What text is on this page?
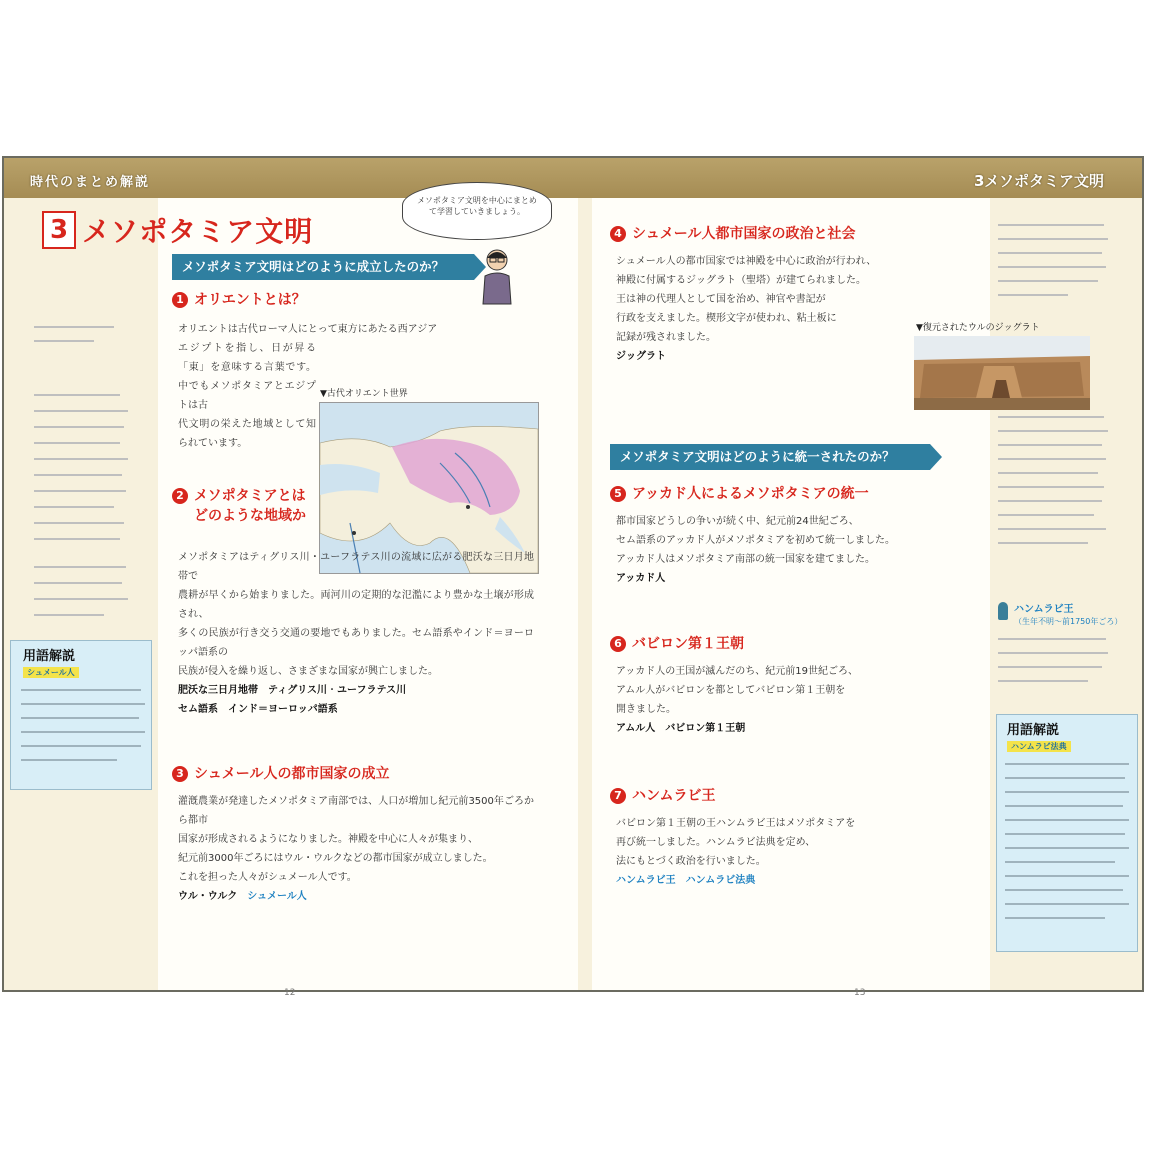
時代のまとめ解説	3メソポタミア文明
用語解説
シュメール人
12	13
ハンムラビ王
（生年不明〜前1750年ごろ）
用語解説
ハンムラビ法典
3 メソポタミア文明
メソポタミア文明を中心にまとめて学習していきましょう。
メソポタミア文明はどのように成立したのか？
1 オリエントとは？
オリエントは古代ローマ人にとって東方にあたる西アジア
エジプトを指し、日が昇る「東」を意味する言葉です。中でもメソポタミアとエジプトは古
代文明の栄えた地域として知られています。
▼古代オリエント世界
2 メソポタミアとはどのような地域か
メソポタミアはティグリス川・ユーフラテス川の流域に広がる肥沃な三日月地帯で
農耕が早くから始まりました。両河川の定期的な氾濫により豊かな土壌が形成され、
多くの民族が行き交う交通の要地でもありました。セム語系やインド＝ヨーロッパ語系の
民族が侵入を繰り返し、さまざまな国家が興亡しました。
肥沃な三日月地帯　 ティグリス川・ユーフラテス川
セム語系　 インド＝ヨーロッパ語系
3 シュメール人の都市国家の成立
灌漑農業が発達したメソポタミア南部では、人口が増加し紀元前3500年ごろから都市
国家が形成されるようになりました。神殿を中心に人々が集まり、
紀元前3000年ごろにはウル・ウルクなどの都市国家が成立しました。
これを担った人々がシュメール人です。
ウル・ウルク　 シュメール人
4 シュメール人都市国家の政治と社会
シュメール人の都市国家では神殿を中心に政治が行われ、
神殿に付属するジッグラト（聖塔）が建てられました。
王は神の代理人として国を治め、神官や書記が
行政を支えました。楔形文字が使われ、粘土板に
記録が残されました。
ジッグラト
▼復元されたウルのジッグラト
メソポタミア文明はどのように統一されたのか？
5 アッカド人によるメソポタミアの統一
都市国家どうしの争いが続く中、紀元前24世紀ごろ、
セム語系のアッカド人がメソポタミアを初めて統一しました。
アッカド人はメソポタミア南部の統一国家を建てました。
アッカド人
6 バビロン第１王朝
アッカド人の王国が滅んだのち、紀元前19世紀ごろ、
アムル人がバビロンを都としてバビロン第１王朝を
開きました。
アムル人　 バビロン第１王朝
7 ハンムラビ王
バビロン第１王朝の王ハンムラビ王はメソポタミアを
再び統一しました。ハンムラビ法典を定め、
法にもとづく政治を行いました。
ハンムラビ王　 ハンムラビ法典
